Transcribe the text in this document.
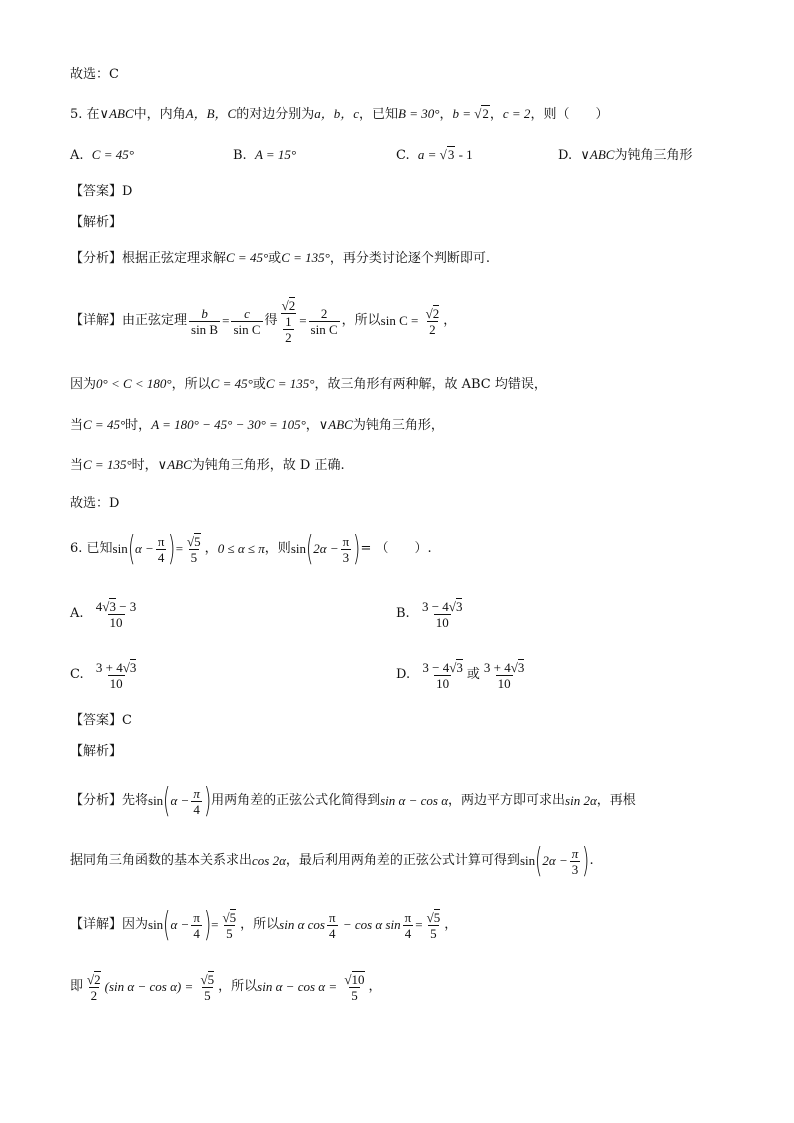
故选：C
5. 在∨ABC中，内角A，B，C的对边分别为a，b，c，已知B = 30°，b = √2，c = 2，则（　　）
A. C = 45°	B. A = 15°	C. a = √3 - 1	D. ∨ABC为钝角三角形
【答案】D
【解析】
【分析】根据正弦定理求解C = 45°或C = 135°，再分类讨论逐个判断即可.
【详解】由正弦定理 $\frac{b}{\text{sin B}} = \frac{c}{\text{sin C}}$ 得 $\frac{√2}{\frac{1}{2}} = \frac{2}{\text{sin C}}$ ，所以$\sin C = \frac{√2}{2}$ ，
因为0° < C < 180°，所以C = 45°或C = 135°，故三角形有两种解，故 ABC 均错误，
当C = 45°时，A = 180° − 45° − 30° = 105°，∨ABC为钝角三角形，
当C = 135°时，∨ABC为钝角三角形，故 D 正确.
故选：D
6. 已知$\sin(\alpha - \frac{\pi}{4}$ )= $\frac{√5}{5}$ ，0 ≤ α ≤ π，则$\sin(2\alpha - \frac{\pi}{3}$ )= （　　）.
A. $\frac{4√3 - 3}{10}$	B. $\frac{3 - 4√3}{10}$
C. $\frac{3 + 4√3}{10}$	D. $\frac{3 - 4√3}{10}$ 或 $\frac{3 + 4√3}{10}$
【答案】C
【解析】
【分析】先将$\sin(\alpha - \frac{\pi}{4}$ )用两角差的正弦公式化简得到sin α − cos α，两边平方即可求出sin 2α，再根
据同角三角函数的基本关系求出cos 2α，最后利用两角差的正弦公式计算可得到$\sin(2\alpha - \frac{\pi}{3}$ ).
【详解】因为$\sin(\alpha - \frac{\pi}{4}$ )= $\frac{√5}{5}$ ，所以sin α $\cos \frac{\pi}{4} - \cos \alpha$ $\sin \frac{\pi}{4} = \frac{√5}{5}$ ，
即 $\frac{√2}{2} (\sin$ $\alpha - \cos \alpha) = \frac{√5}{5}$ ，所以$\sin \alpha - \cos \alpha = \frac{√10}{5}$ ，
